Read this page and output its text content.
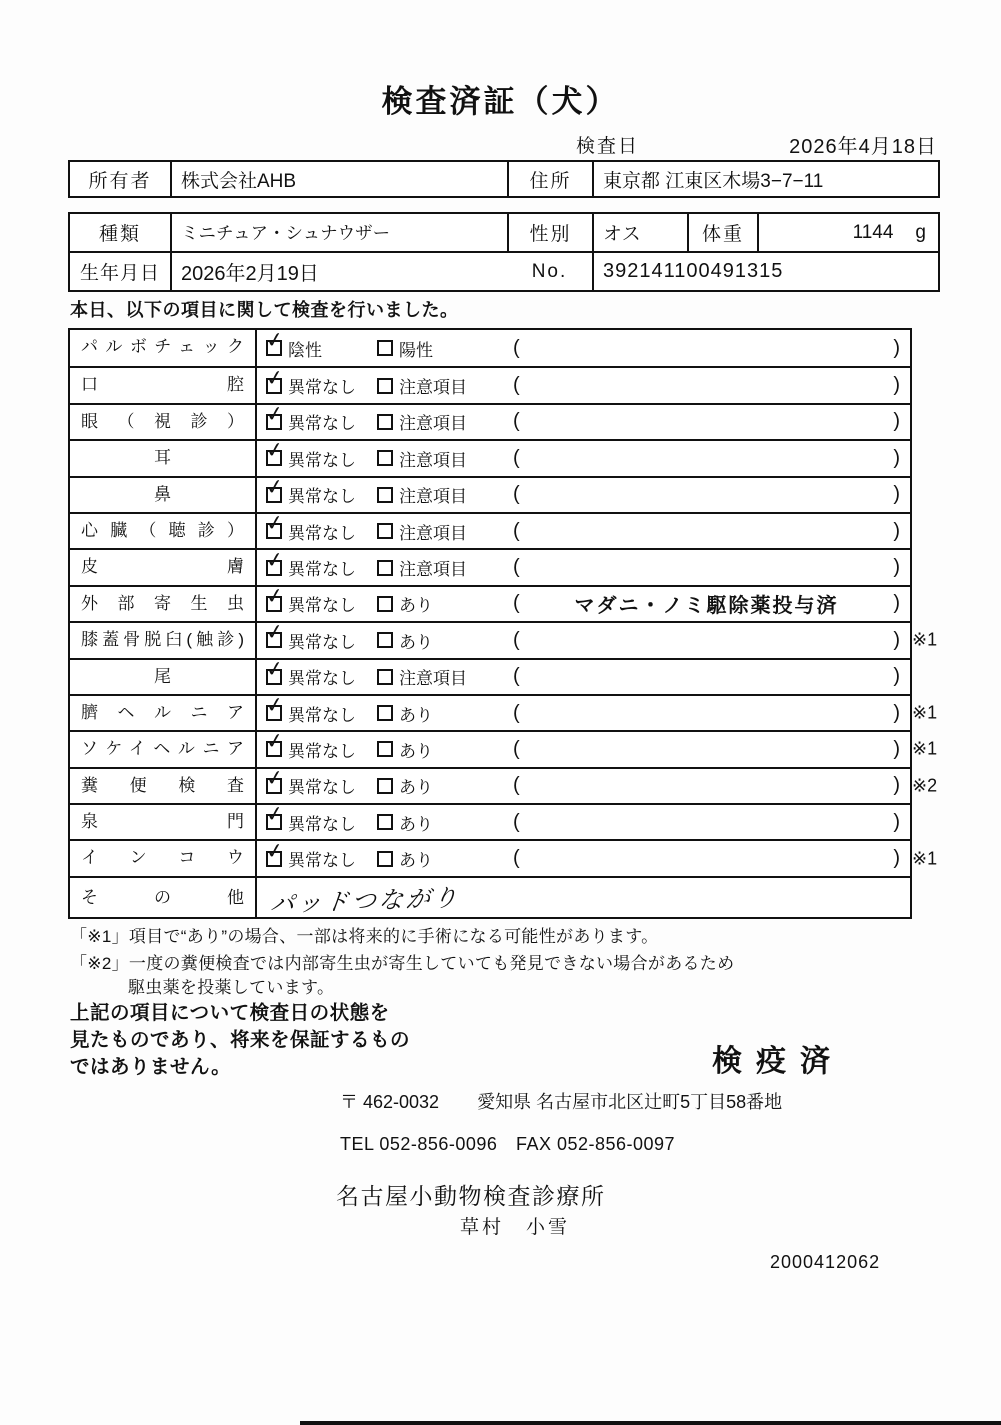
検査済証（犬）
検査日	2026年4月18日
所有者	株式会社AHB	住所	東京都 江東区木場3−7−11
種類	ミニチュア・シュナウザー	性別	オス	体重	1144 g
生年月日	2026年2月19日	No.	392141100491315
本日、以下の項目に関して検査を行いました。
パルボチェック ✓	陰性	陽性	(	)
口腔 ✓	異常なし	注意項目 (	)
眼（視診） ✓	異常なし	注意項目 (	)
耳 ✓	異常なし	注意項目 (	)
鼻 ✓	異常なし	注意項目 (	)
心臓（聴診） ✓	異常なし	注意項目 (	)
皮膚 ✓	異常なし	注意項目 (	)
外部寄生虫 ✓	異常なし	あり	(	マダニ・ノミ駆除薬投与済	)
膝蓋骨脱臼(触診) ✓	異常なし	あり	(	) ※1
尾 ✓	異常なし	注意項目 (	)
臍ヘルニア ✓	異常なし	あり	(	) ※1
ソケイヘルニア ✓	異常なし	あり	(	) ※1
糞便検査 ✓	異常なし	あり	(	) ※2
泉門 ✓	異常なし	あり	(	)
インコウ ✓	異常なし	あり	(	) ※1
その他	パッドつながり
「※1」項目で“あり”の場合、一部は将来的に手術になる可能性があります。
「※2」一度の糞便検査では内部寄生虫が寄生していても発見できない場合があるため
駆虫薬を投薬しています。
上記の項目について検査日の状態を
見たものであり、将来を保証するもの
ではありません。	検疫済
〒 462-0032 愛知県 名古屋市北区辻町5丁目58番地
TEL 052-856-0096　FAX 052-856-0097
名古屋小動物検査診療所
草村　小雪
2000412062
